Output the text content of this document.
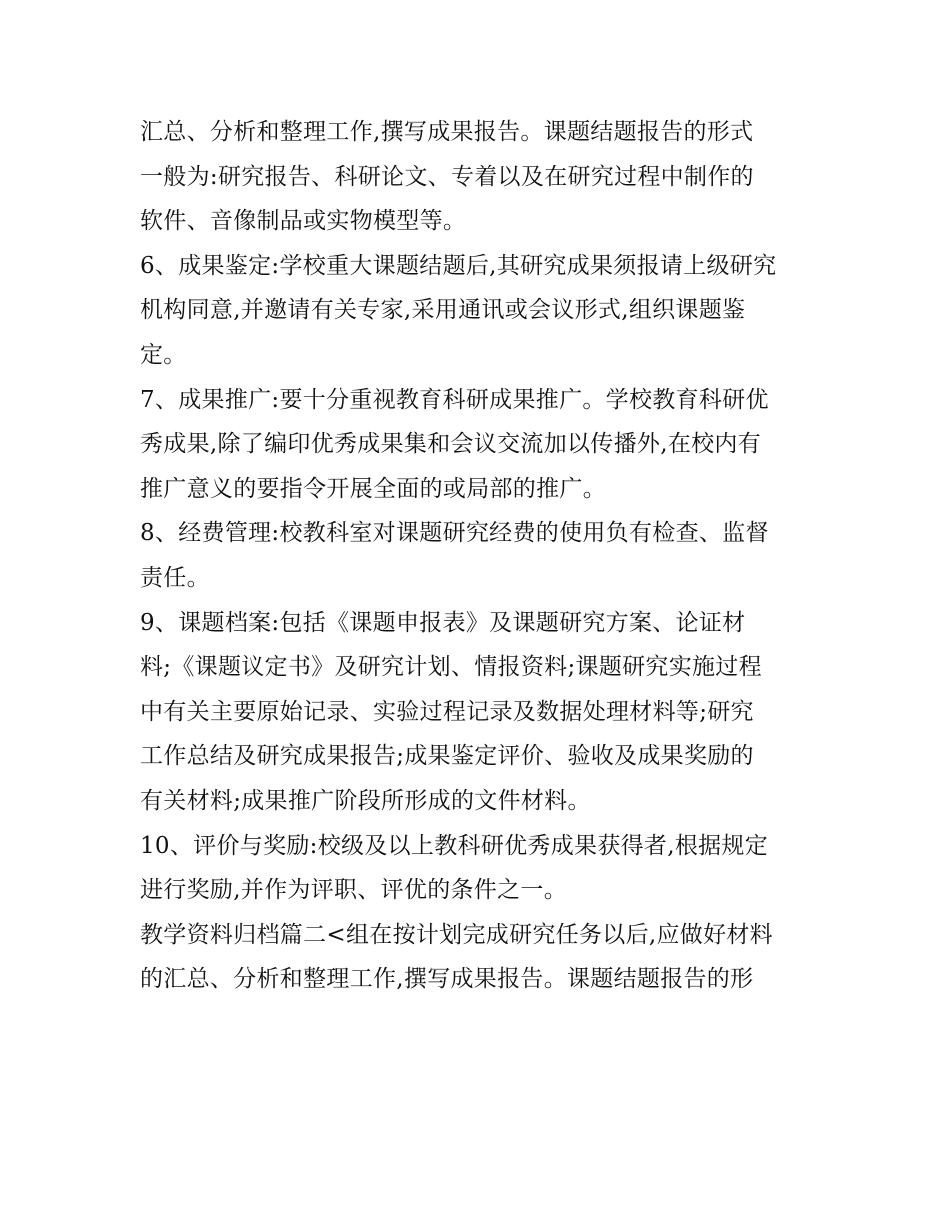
汇总、分析和整理工作,撰写成果报告。课题结题报告的形式
一般为:研究报告、科研论文、专着以及在研究过程中制作的
软件、音像制品或实物模型等。
6、成果鉴定:学校重大课题结题后,其研究成果须报请上级研究
机构同意,并邀请有关专家,采用通讯或会议形式,组织课题鉴
定。
7、成果推广:要十分重视教育科研成果推广。学校教育科研优
秀成果,除了编印优秀成果集和会议交流加以传播外,在校内有
推广意义的要指令开展全面的或局部的推广。
8、经费管理:校教科室对课题研究经费的使用负有检查、监督
责任。
9、课题档案:包括《课题申报表》及课题研究方案、论证材
料;《课题议定书》及研究计划、情报资料;课题研究实施过程
中有关主要原始记录、实验过程记录及数据处理材料等;研究
工作总结及研究成果报告;成果鉴定评价、验收及成果奖励的
有关材料;成果推广阶段所形成的文件材料。
10、评价与奖励:校级及以上教科研优秀成果获得者,根据规定
进行奖励,并作为评职、评优的条件之一。
教学资料归档篇二<组在按计划完成研究任务以后,应做好材料
的汇总、分析和整理工作,撰写成果报告。课题结题报告的形
